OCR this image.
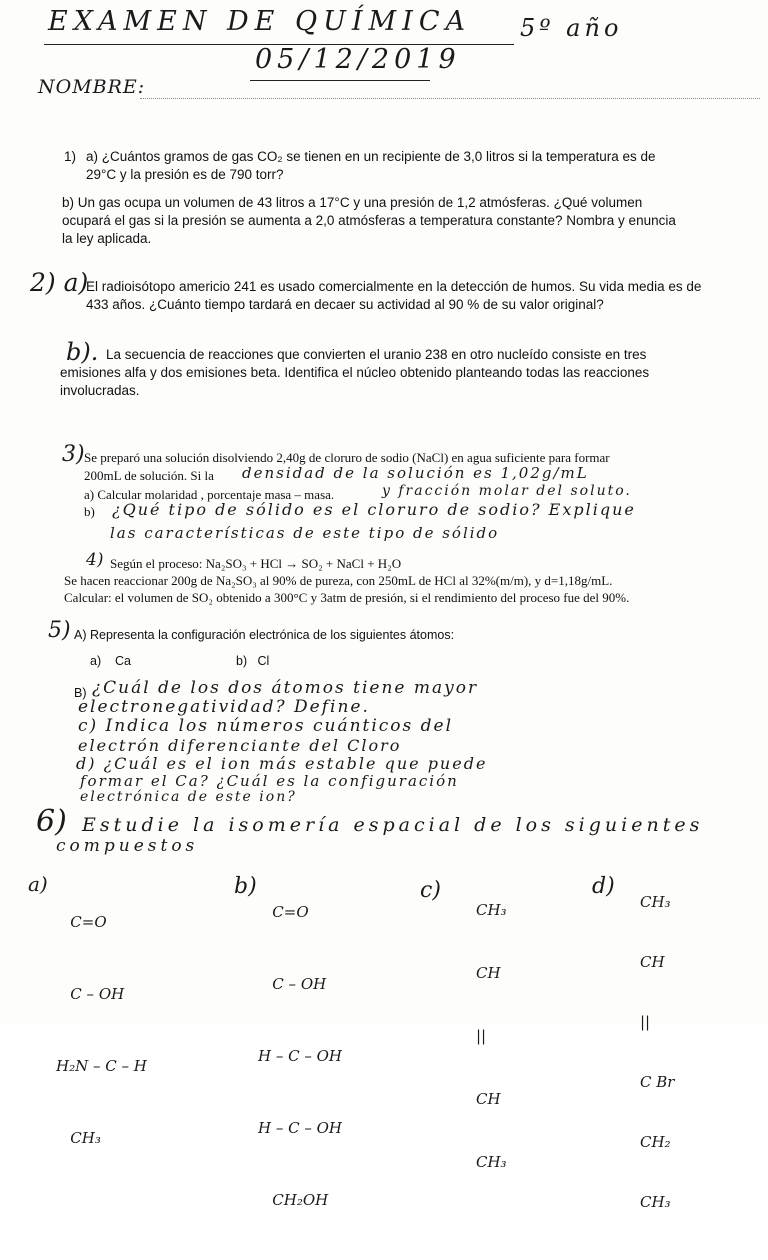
EXAMEN DE QUÍMICA 5º año
05/12/2019
NOMBRE:
1) a) ¿Cuántos gramos de gas CO₂ se tienen en un recipiente de 3,0 litros si la temperatura es de 29°C y la presión es de 790 torr?
b) Un gas ocupa un volumen de 43 litros a 17°C y una presión de 1,2 atmósferas. ¿Qué volumen ocupará el gas si la presión se aumenta a 2,0 atmósferas a temperatura constante? Nombra y enuncia la ley aplicada.
2) a)
El radioisótopo americio 241 es usado comercialmente en la detección de humos. Su vida media es de 433 años. ¿Cuánto tiempo tardará en decaer su actividad al 90 % de su valor original?
b). La secuencia de reacciones que convierten el uranio 238 en otro nucleído consiste en tres emisiones alfa y dos emisiones beta. Identifica el núcleo obtenido planteando todas las reacciones involucradas.
3) Se preparó una solución disolviendo 2,40g de cloruro de sodio (NaCl) en agua suficiente para formar
200mL de solución. Si la densidad de la solución es 1,02g/mL
a) Calcular molaridad , porcentaje masa – masa.	y fracción molar del soluto.
b) ¿Qué tipo de sólido es el cloruro de sodio? Explique
las características de este tipo de sólido
4) Según el proceso: Na₂SO₃ + HCl → SO₂ + NaCl + H₂O
Se hacen reaccionar 200g de Na₂SO₃ al 90% de pureza, con 250mL de HCl al 32%(m/m), y d=1,18g/mL.
Calcular: el volumen de SO₂ obtenido a 300°C y 3atm de presión, si el rendimiento del proceso fue del 90%.
5) A) Representa la configuración electrónica de los siguientes átomos:
a)    Ca	b)   Cl
B) ¿Cuál de los dos átomos tiene mayor
electronegatividad? Define.
c) Indica los números cuánticos del
electrón diferenciante del Cloro
d) ¿Cuál es el ion más estable que puede
formar el Ca? ¿Cuál es la configuración
electrónica de este ion?
6) Estudie la isomería espacial de los siguientes
compuestos
a)

C=O

C – OH

H₂N – C – H

CH₃

b)

C=O

C – OH

H – C – OH

H – C – OH

CH₂OH

c)

CH₃

CH

||

CH

CH₃

d)

CH₃

CH

||

C Br

CH₂

CH₃
